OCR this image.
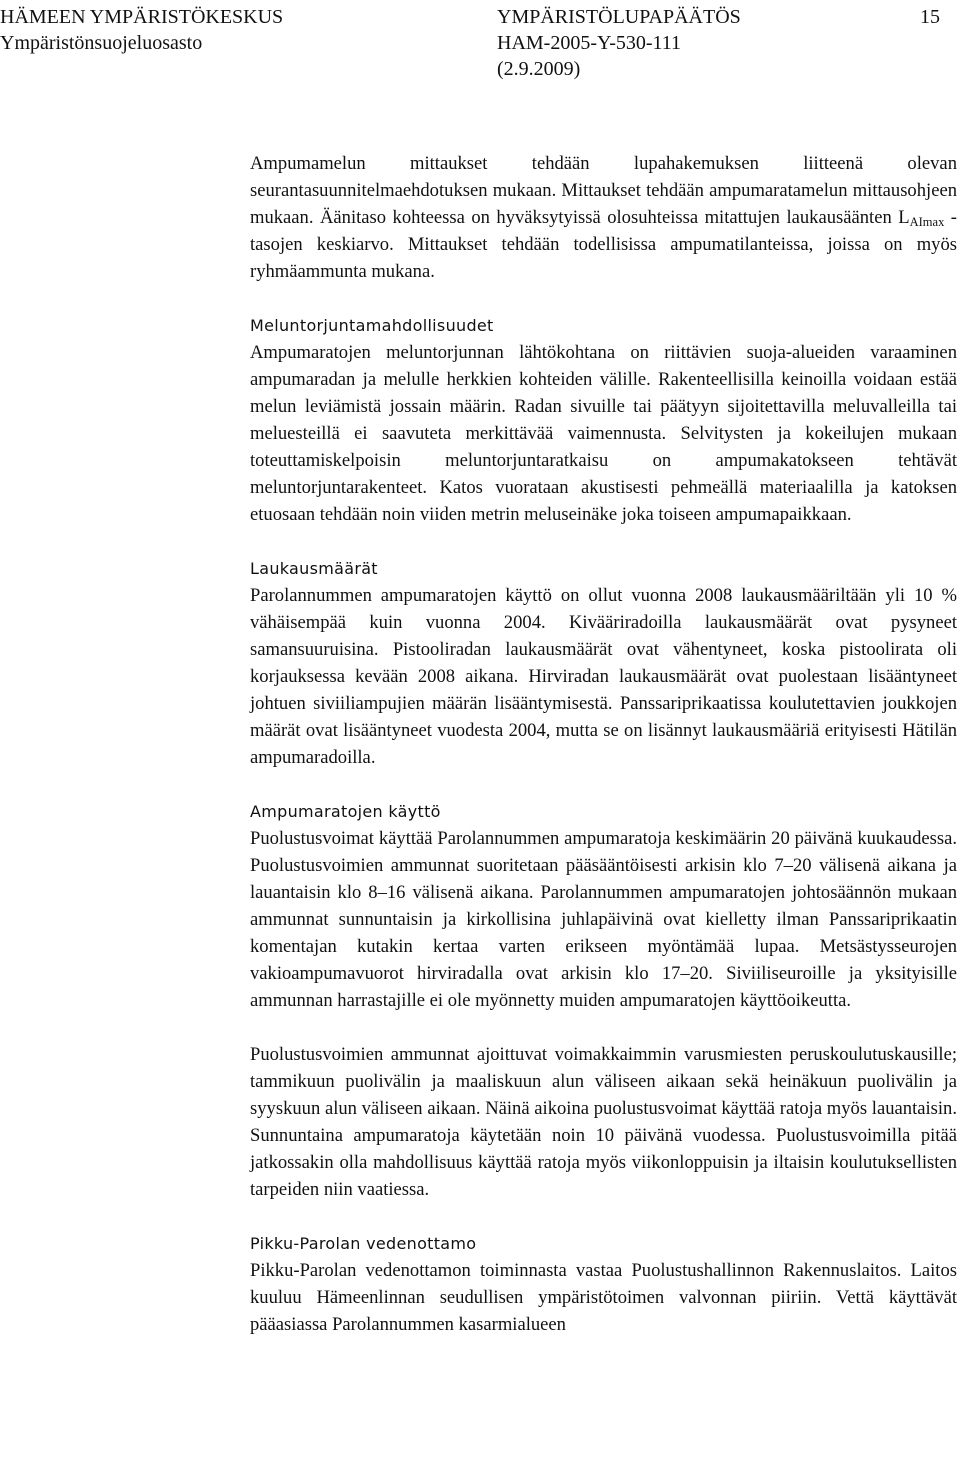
HÄMEEN YMPÄRISTÖKESKUS
Ympäristönsuojeluosasto
YMPÄRISTÖLUPAPÄÄTÖS
HAM-2005-Y-530-111
(2.9.2009)
15

Ampumamelun mittaukset tehdään lupahakemuksen liitteenä olevan seurantasuunnitelmaehdotuksen mukaan. Mittaukset tehdään ampumaratamelun mittausohjeen mukaan. Äänitaso kohteessa on hyväksytyissä olosuhteissa mitattujen laukausäänten $L_{AImax}$ -tasojen keskiarvo. Mittaukset tehdään todellisissa ampumatilanteissa, joissa on myös ryhmäammunta mukana.

Meluntorjuntamahdollisuudet
Ampumaratojen meluntorjunnan lähtökohtana on riittävien suoja-alueiden varaaminen ampumaradan ja melulle herkkien kohteiden välille. Rakenteellisilla keinoilla voidaan estää melun leviämistä jossain määrin. Radan sivuille tai päätyyn sijoitettavilla meluvalleilla tai meluesteillä ei saavuteta merkittävää vaimennusta. Selvitysten ja kokeilujen mukaan toteuttamiskelpoisin meluntorjuntaratkaisu on ampumakatokseen tehtävät meluntorjuntarakenteet. Katos vuorataan akustisesti pehmeällä materiaalilla ja katoksen etuosaan tehdään noin viiden metrin meluseinäke joka toiseen ampumapaikkaan.

Laukausmäärät
Parolannummen ampumaratojen käyttö on ollut vuonna 2008 laukausmääriltään yli 10 % vähäisempää kuin vuonna 2004. Kivääriradoilla laukausmäärät ovat pysyneet samansuuruisina. Pistooliradan laukausmäärät ovat vähentyneet, koska pistoolirata oli korjauksessa kevään 2008 aikana. Hirviradan laukausmäärät ovat puolestaan lisääntyneet johtuen siviiliampujien määrän lisääntymisestä. Panssariprikaatissa koulutettavien joukkojen määrät ovat lisääntyneet vuodesta 2004, mutta se on lisännyt laukausmääriä erityisesti Hätilän ampumaradoilla.

Ampumaratojen käyttö
Puolustusvoimat käyttää Parolannummen ampumaratoja keskimäärin 20 päivänä kuukaudessa. Puolustusvoimien ammunnat suoritetaan pääsääntöisesti arkisin klo 7–20 välisenä aikana ja lauantaisin klo 8–16 välisenä aikana. Parolannummen ampumaratojen johtosäännön mukaan ammunnat sunnuntaisin ja kirkollisina juhlapäivinä ovat kielletty ilman Panssariprikaatin komentajan kutakin kertaa varten erikseen myöntämää lupaa. Metsästysseurojen vakioampumavuorot hirviradalla ovat arkisin klo 17–20. Siviiliseuroille ja yksityisille ammunnan harrastajille ei ole myönnetty muiden ampumaratojen käyttöoikeutta.

Puolustusvoimien ammunnat ajoittuvat voimakkaimmin varusmiesten peruskoulutuskausille; tammikuun puolivälin ja maaliskuun alun väliseen aikaan sekä heinäkuun puolivälin ja syyskuun alun väliseen aikaan. Näinä aikoina puolustusvoimat käyttää ratoja myös lauantaisin. Sunnuntaina ampumaratoja käytetään noin 10 päivänä vuodessa. Puolustusvoimilla pitää jatkossakin olla mahdollisuus käyttää ratoja myös viikonloppuisin ja iltaisin koulutuksellisten tarpeiden niin vaatiessa.

Pikku-Parolan vedenottamo
Pikku-Parolan vedenottamon toiminnasta vastaa Puolustushallinnon Rakennuslaitos. Laitos kuuluu Hämeenlinnan seudullisen ympäristötoimen valvonnan piiriin. Vettä käyttävät pääasiassa Parolannummen kasarmialueen
